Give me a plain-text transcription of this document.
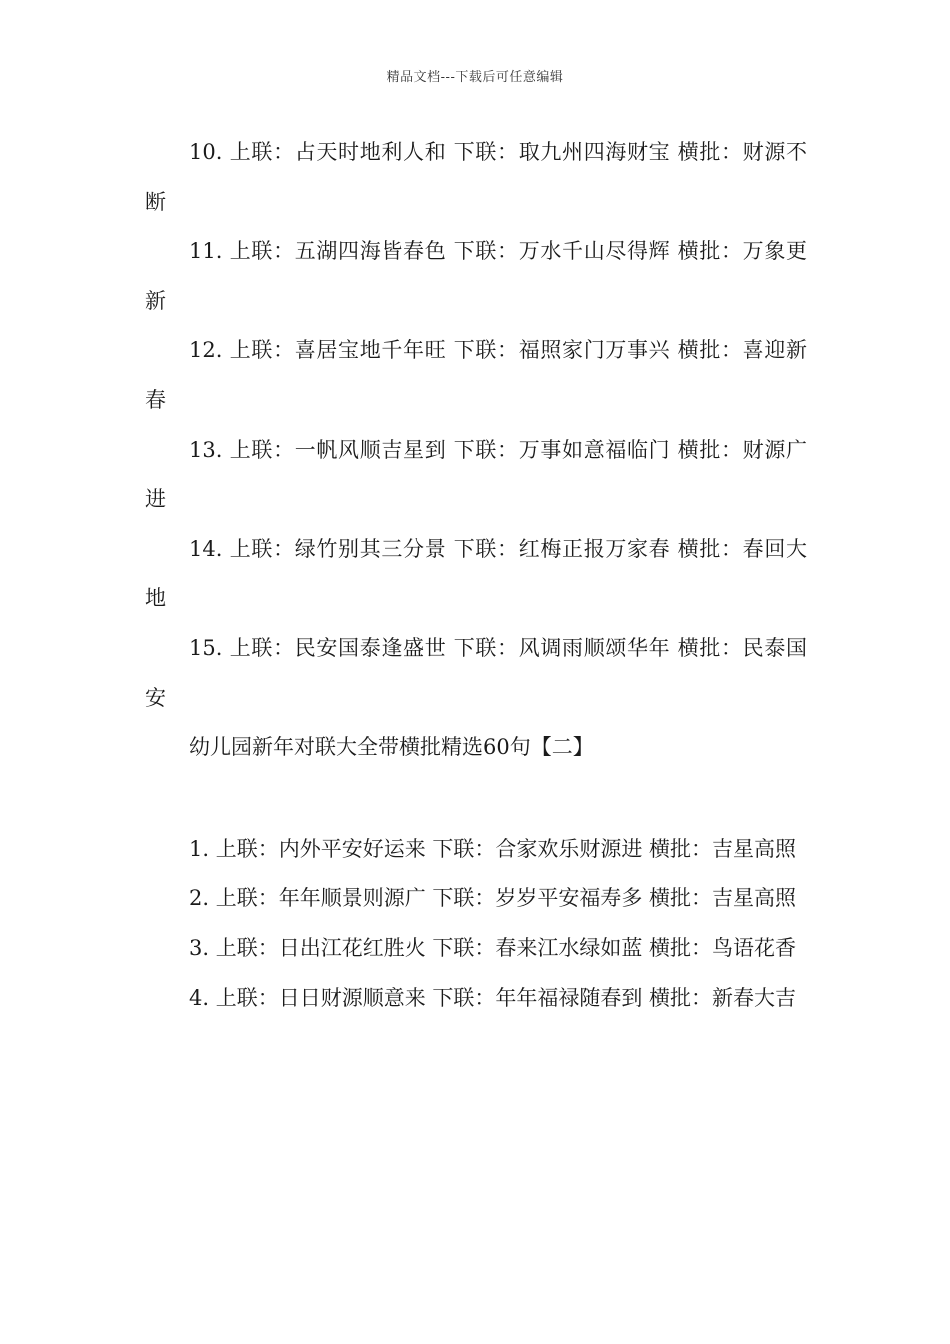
精品文档---下载后可任意编辑

10. 上联：占天时地利人和 下联：取九州四海财宝 横批：财源不断

11. 上联：五湖四海皆春色 下联：万水千山尽得辉 横批：万象更新

12. 上联：喜居宝地千年旺 下联：福照家门万事兴 横批：喜迎新春

13. 上联：一帆风顺吉星到 下联：万事如意福临门 横批：财源广进

14. 上联：绿竹别其三分景 下联：红梅正报万家春 横批：春回大地

15. 上联：民安国泰逢盛世 下联：风调雨顺颂华年 横批：民泰国安

幼儿园新年对联大全带横批精选60句【二】

1. 上联：内外平安好运来 下联：合家欢乐财源进 横批：吉星高照

2. 上联：年年顺景则源广 下联：岁岁平安福寿多 横批：吉星高照

3. 上联：日出江花红胜火 下联：春来江水绿如蓝 横批：鸟语花香

4. 上联：日日财源顺意来 下联：年年福禄随春到 横批：新春大吉
